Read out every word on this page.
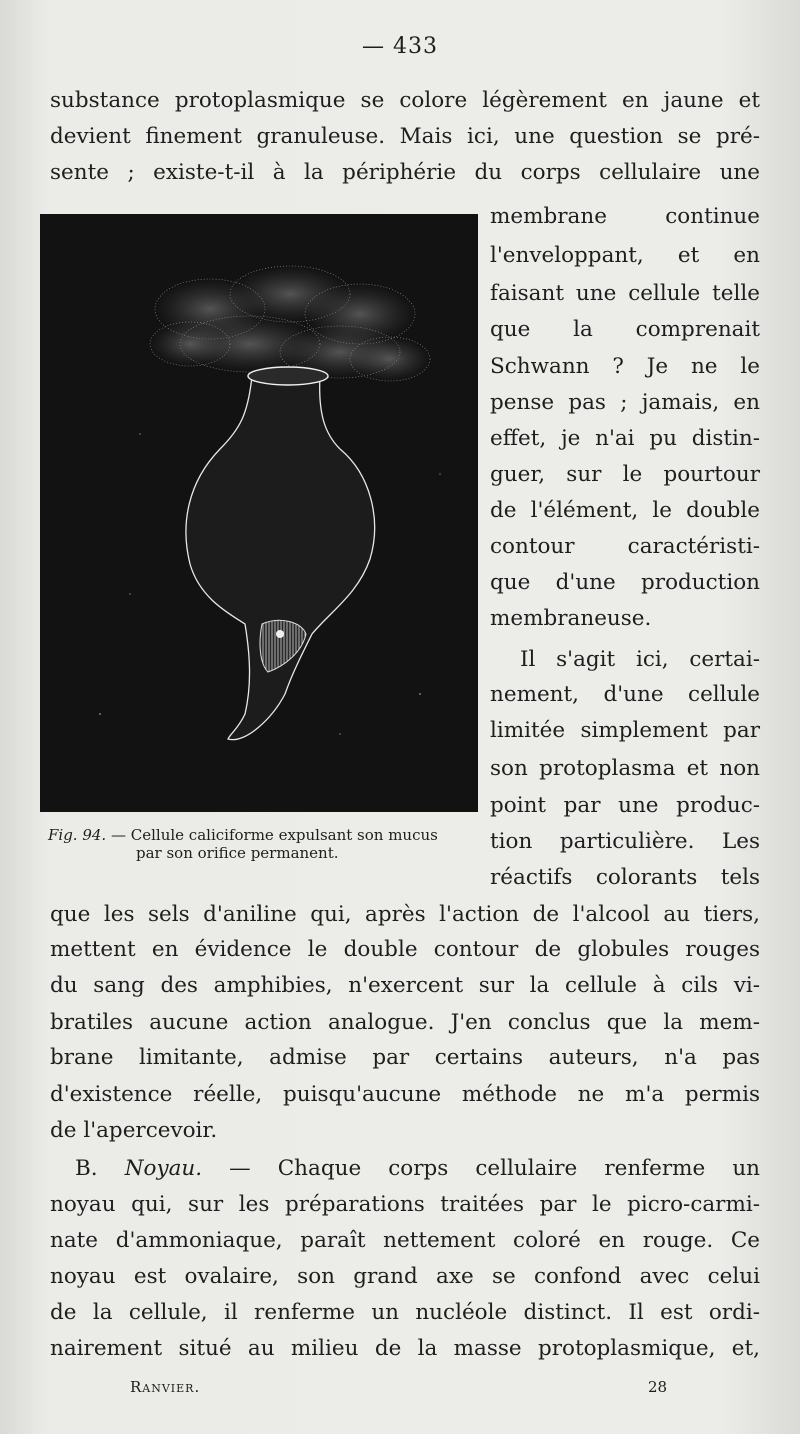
— 433
substance protoplasmique se colore légèrement en jaune et
devient finement granuleuse. Mais ici, une question se pré-
sente ; existe-t-il à la périphérie du corps cellulaire une
membrane continue
l'enveloppant, et en
faisant une cellule telle
que la comprenait
Schwann ? Je ne le
pense pas ; jamais, en
effet, je n'ai pu distin-
guer, sur le pourtour
de l'élément, le double
contour caractéristi-
que d'une production
membraneuse.
Il s'agit ici, certai-
nement, d'une cellule
limitée simplement par
son protoplasma et non
point par une produc-
tion particulière. Les
réactifs colorants tels
Fig. 94. — Cellule caliciforme expulsant son mucus
par son orifice permanent.
que les sels d'aniline qui, après l'action de l'alcool au tiers,
mettent en évidence le double contour de globules rouges
du sang des amphibies, n'exercent sur la cellule à cils vi-
bratiles aucune action analogue. J'en conclus que la mem-
brane limitante, admise par certains auteurs, n'a pas
d'existence réelle, puisqu'aucune méthode ne m'a permis
de l'apercevoir.
B. Noyau. — Chaque corps cellulaire renferme un
noyau qui, sur les préparations traitées par le picro-carmi-
nate d'ammoniaque, paraît nettement coloré en rouge. Ce
noyau est ovalaire, son grand axe se confond avec celui
de la cellule, il renferme un nucléole distinct. Il est ordi-
nairement situé au milieu de la masse protoplasmique, et,
Ranvier.	28
